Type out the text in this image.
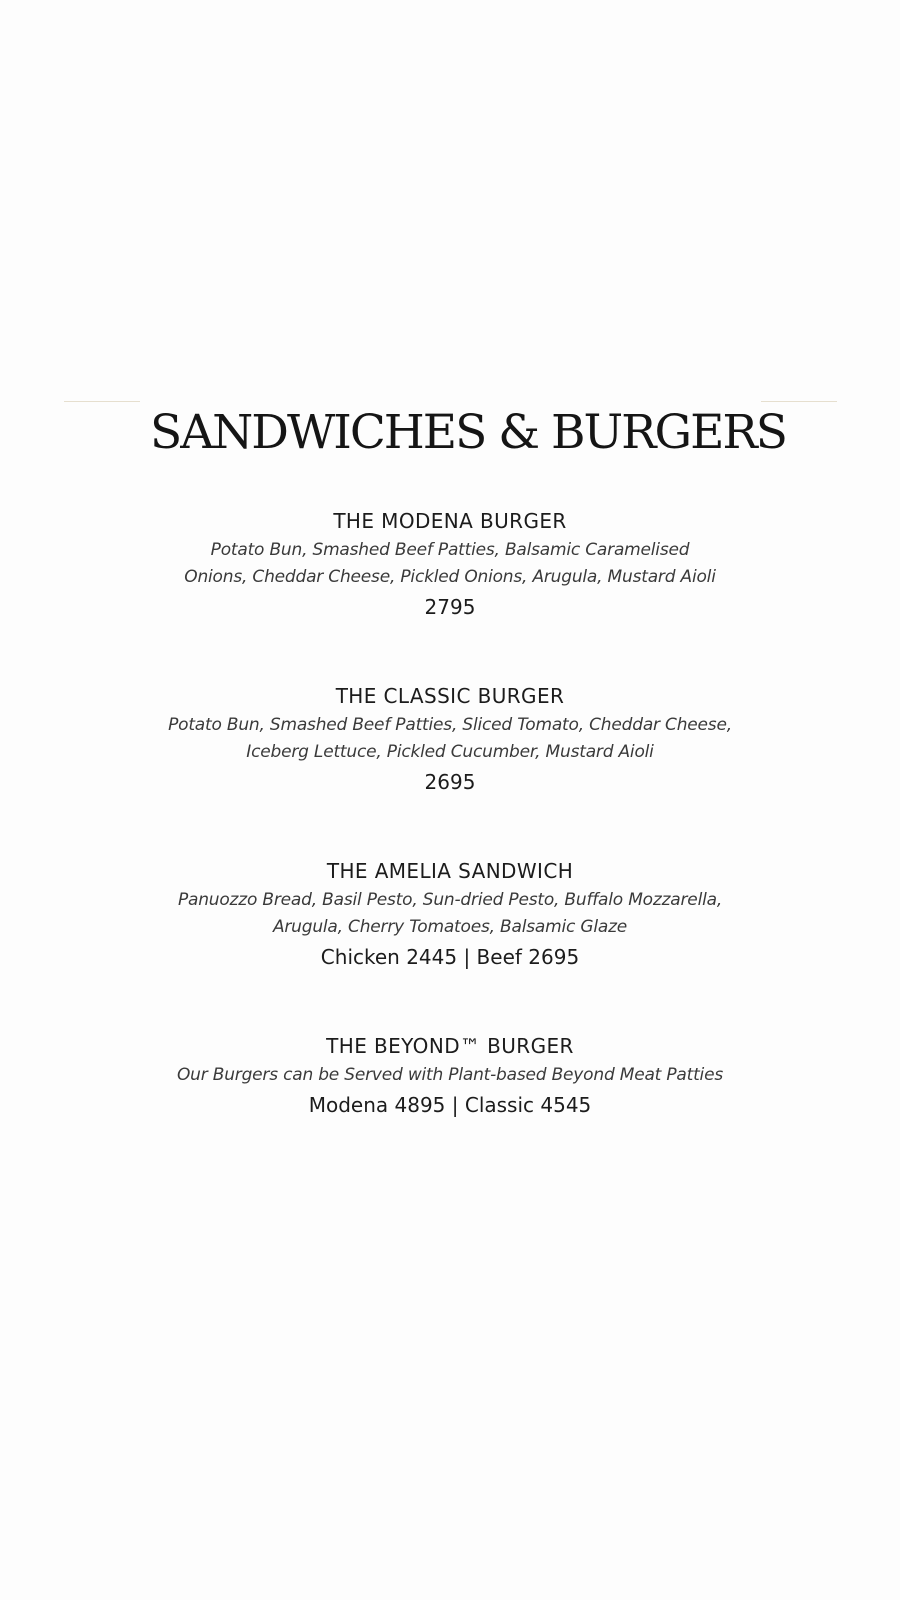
SANDWICHES & BURGERS

THE MODENA BURGER

Potato Bun, Smashed Beef Patties, Balsamic Caramelised
Onions, Cheddar Cheese, Pickled Onions, Arugula, Mustard Aioli

2795

THE CLASSIC BURGER

Potato Bun, Smashed Beef Patties, Sliced Tomato, Cheddar Cheese,
Iceberg Lettuce, Pickled Cucumber, Mustard Aioli

2695

THE AMELIA SANDWICH

Panuozzo Bread, Basil Pesto, Sun-dried Pesto, Buffalo Mozzarella,
Arugula, Cherry Tomatoes, Balsamic Glaze

Chicken 2445 | Beef 2695

THE BEYOND™ BURGER

Our Burgers can be Served with Plant-based Beyond Meat Patties

Modena 4895 | Classic 4545
